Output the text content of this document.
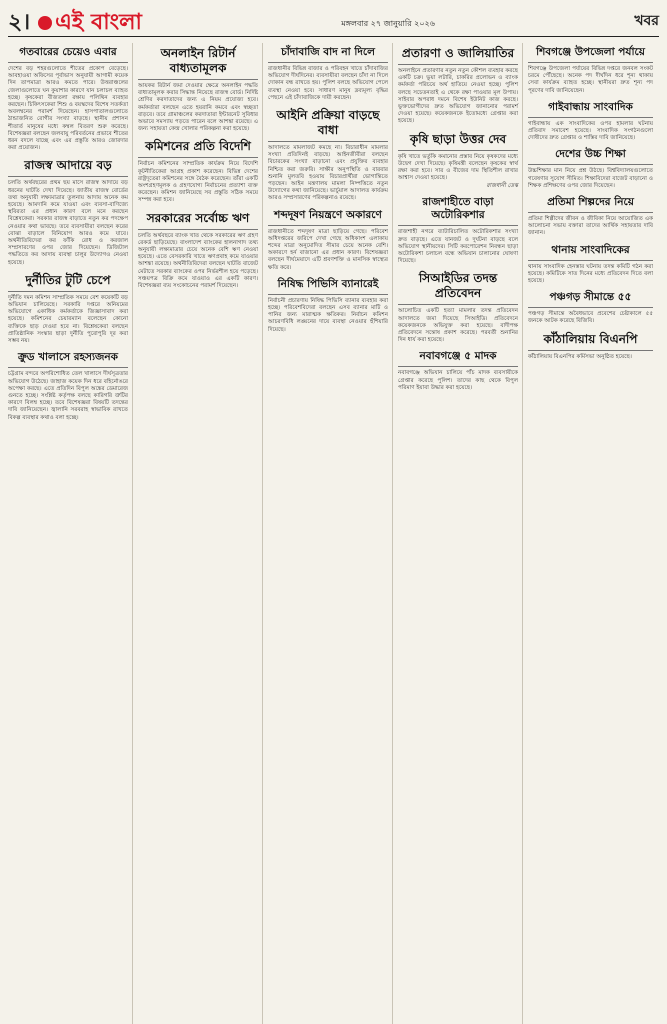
২। এই বাংলা	মঙ্গলবার ২৭ জানুয়ারি ২০২৬	খবর
গতবারের চেয়েও এবার

দেশের বড় শহরগুলোতে শীতের প্রকোপ বেড়েছে। আবহাওয়া অফিসের পূর্বাভাস অনুযায়ী আগামী কয়েক দিন তাপমাত্রা আরও কমতে পারে। উত্তরাঞ্চলের জেলাগুলোতে ঘন কুয়াশার কারণে যান চলাচল ব্যাহত হচ্ছে। কৃষকেরা বীজতলা রক্ষায় পলিথিন ব্যবহার করছেন। চিকিৎসকেরা শিশু ও বয়স্কদের বিশেষ সতর্কতা অবলম্বনের পরামর্শ দিয়েছেন। হাসপাতালগুলোতে ঠান্ডাজনিত রোগীর সংখ্যা বাড়ছে। স্থানীয় প্রশাসন শীতার্ত মানুষের মধ্যে কম্বল বিতরণ শুরু করেছে। বিশেষজ্ঞরা বলছেন জলবায়ু পরিবর্তনের প্রভাবে শীতের ধরন বদলে যাচ্ছে এবং এর প্রস্তুতি আরও জোরদার করা প্রয়োজন।

রাজস্ব আদায়ে বড়

চলতি অর্থবছরের প্রথম ছয় মাসে রাজস্ব আদায়ে বড় ধরনের ঘাটতি দেখা দিয়েছে। জাতীয় রাজস্ব বোর্ডের তথ্য অনুযায়ী লক্ষ্যমাত্রার তুলনায় আদায় অনেক কম হয়েছে। আমদানি কমে যাওয়া এবং ব্যবসা-বাণিজ্যে স্থবিরতা এর প্রধান কারণ বলে মনে করছেন বিশ্লেষকেরা। সরকার রাজস্ব বাড়াতে নতুন কর পদক্ষেপ নেওয়ার কথা ভাবছে। তবে ব্যবসায়ীরা বলছেন করের বোঝা বাড়ালে বিনিয়োগ আরও কমে যাবে। অর্থনীতিবিদেরা কর ফাঁকি রোধ ও করজাল সম্প্রসারণের ওপর জোর দিয়েছেন। ডিজিটাল পদ্ধতিতে কর আদায় ব্যবস্থা চালুর উদ্যোগও নেওয়া হয়েছে।

দুর্নীতির টুটি চেপে

দুর্নীতি দমন কমিশন সাম্প্রতিক সময়ে বেশ কয়েকটি বড় অভিযান চালিয়েছে। সরকারি দপ্তরে অনিয়মের অভিযোগে একাধিক কর্মকর্তাকে জিজ্ঞাসাবাদ করা হয়েছে। কমিশনের চেয়ারম্যান বলেছেন কোনো ব্যক্তিকে ছাড় দেওয়া হবে না। বিশ্লেষকেরা বলছেন প্রাতিষ্ঠানিক সংস্কার ছাড়া দুর্নীতি পুরোপুরি দূর করা সম্ভব নয়।

ক্রুড খালাসে রহস্যজনক

চট্টগ্রাম বন্দরে অপরিশোধিত তেল খালাসে দীর্ঘসূত্রতার অভিযোগ উঠেছে। জাহাজ কয়েক দিন ধরে বহির্নোঙরে অপেক্ষা করছে। এতে প্রতিদিন বিপুল অঙ্কের ডেমারেজ গুনতে হচ্ছে। সংশ্লিষ্ট কর্তৃপক্ষ বলছে কারিগরি ত্রুটির কারণে বিলম্ব হচ্ছে। তবে বিশেষজ্ঞরা বিষয়টি তদন্তের দাবি জানিয়েছেন। জ্বালানি সরবরাহ স্বাভাবিক রাখতে বিকল্প ব্যবস্থার কথাও বলা হচ্ছে।

অনলাইন রিটার্ন বাধ্যতামূলক

আয়কর রিটার্ন জমা দেওয়ার ক্ষেত্রে অনলাইন পদ্ধতি বাধ্যতামূলক করার সিদ্ধান্ত নিয়েছে রাজস্ব বোর্ড। নির্দিষ্ট শ্রেণির করদাতাদের জন্য এ নিয়ম প্রযোজ্য হবে। কর্মকর্তারা বলছেন এতে হয়রানি কমবে এবং স্বচ্ছতা বাড়বে। তবে গ্রামাঞ্চলের করদাতারা ইন্টারনেট সুবিধার অভাবে সমস্যায় পড়তে পারেন বলে আশঙ্কা রয়েছে। এ জন্য সহায়তা কেন্দ্র খোলার পরিকল্পনা করা হয়েছে।

কমিশনের প্রতি বিদেশি

নির্বাচন কমিশনের সাম্প্রতিক কার্যক্রম নিয়ে বিদেশি কূটনীতিকেরা আগ্রহ প্রকাশ করেছেন। বিভিন্ন দেশের রাষ্ট্রদূতেরা কমিশনের সঙ্গে বৈঠক করেছেন। তাঁরা একটি অংশগ্রহণমূলক ও গ্রহণযোগ্য নির্বাচনের প্রত্যাশা ব্যক্ত করেছেন। কমিশন জানিয়েছে সব প্রস্তুতি সঠিক সময়ে সম্পন্ন করা হবে।

সরকারের সর্বোচ্চ ঋণ

চলতি অর্থবছরে ব্যাংক খাত থেকে সরকারের ঋণ গ্রহণ রেকর্ড ছাড়িয়েছে। বাংলাদেশ ব্যাংকের হালনাগাদ তথ্য অনুযায়ী লক্ষ্যমাত্রার চেয়ে অনেক বেশি ঋণ নেওয়া হয়েছে। এতে বেসরকারি খাতে ঋণপ্রবাহ কমে যাওয়ার আশঙ্কা রয়েছে। অর্থনীতিবিদেরা বলছেন ঘাটতি বাজেট মেটাতে সরকার ব্যাংকের ওপর নির্ভরশীল হয়ে পড়েছে। সঞ্চয়পত্র বিক্রি কমে যাওয়াও এর একটি কারণ। বিশেষজ্ঞরা ব্যয় সংকোচনের পরামর্শ দিয়েছেন।

চাঁদাবাজি বাদ না দিলে

রাজধানীর বিভিন্ন বাজার ও পরিবহন খাতে চাঁদাবাজির অভিযোগ দীর্ঘদিনের। ব্যবসায়ীরা বলছেন চাঁদা না দিলে দোকান বন্ধ রাখতে হয়। পুলিশ বলছে অভিযোগ পেলে ব্যবস্থা নেওয়া হবে। সাধারণ মানুষ দ্রব্যমূল্য বৃদ্ধির পেছনে এই চাঁদাবাজিকে দায়ী করছেন।

আইনি প্রক্রিয়া বাড়ছে বাধা

আদালতে মামলাজট কমছে না। বিচারাধীন মামলার সংখ্যা প্রতিদিনই বাড়ছে। আইনজীবীরা বলছেন বিচারকের সংখ্যা বাড়ানো এবং প্রযুক্তির ব্যবহার নিশ্চিত করা জরুরি। সাক্ষীর অনুপস্থিতি ও বারবার শুনানি মুলতবি হওয়ায় বিচারপ্রার্থীরা ভোগান্তিতে পড়ছেন। আইন মন্ত্রণালয় মামলা নিষ্পত্তিতে নতুন উদ্যোগের কথা জানিয়েছে। ভার্চুয়াল আদালত কার্যক্রম আরও সম্প্রসারণের পরিকল্পনাও রয়েছে।

শব্দদূষণ নিয়ন্ত্রণে অকারণে

রাজধানীতে শব্দদূষণ মাত্রা ছাড়িয়ে গেছে। পরিবেশ অধিদপ্তরের জরিপে দেখা গেছে অধিকাংশ এলাকায় শব্দের মাত্রা অনুমোদিত সীমার চেয়ে অনেক বেশি। অকারণে হর্ন বাজানো এর প্রধান কারণ। বিশেষজ্ঞরা বলছেন দীর্ঘমেয়াদে এটি শ্রবণশক্তি ও মানসিক স্বাস্থ্যের ক্ষতি করে।

নিষিদ্ধ পিভিসি ব্যানারেই

নির্বাচনী প্রচারণায় নিষিদ্ধ পিভিসি ব্যানার ব্যবহার করা হচ্ছে। পরিবেশবিদেরা বলছেন এসব ব্যানার মাটি ও পানির জন্য মারাত্মক ক্ষতিকর। নির্বাচন কমিশন আচরণবিধি লঙ্ঘনের দায়ে ব্যবস্থা নেওয়ার হুঁশিয়ারি দিয়েছে।

প্রতারণা ও জালিয়াতির

অনলাইনে প্রতারণার নতুন নতুন কৌশল ব্যবহার করছে একটি চক্র। ভুয়া লটারি, চাকরির প্রলোভন ও ব্যাংক কর্মকর্তা পরিচয়ে অর্থ হাতিয়ে নেওয়া হচ্ছে। পুলিশ বলছে সচেতনতাই এ থেকে রক্ষা পাওয়ার মূল উপায়। সাইবার অপরাধ দমনে বিশেষ ইউনিট কাজ করছে। ভুক্তভোগীদের দ্রুত অভিযোগ জানানোর পরামর্শ দেওয়া হয়েছে। কয়েকজনকে ইতোমধ্যে গ্রেপ্তার করা হয়েছে।

কৃষি ছাড়া উত্তর দেব

কৃষি খাতে ভর্তুকি কমানোর প্রস্তাব নিয়ে কৃষকদের মধ্যে উদ্বেগ দেখা দিয়েছে। কৃষিমন্ত্রী বলেছেন কৃষকের স্বার্থ রক্ষা করা হবে। সার ও বীজের দাম স্থিতিশীল রাখার আশ্বাস দেওয়া হয়েছে।

রাজধানী ডেস্ক

রাজশাহীতে বাড়া অটোরিকশার

রাজশাহী নগরে ব্যাটারিচালিত অটোরিকশার সংখ্যা দ্রুত বাড়ছে। এতে যানজট ও দুর্ঘটনা বাড়ছে বলে অভিযোগ স্থানীয়দের। সিটি করপোরেশন নিবন্ধন ছাড়া অটোরিকশা চলাচল বন্ধে অভিযান চালানোর ঘোষণা দিয়েছে।

সিআইডির তদন্ত প্রতিবেদন

আলোচিত একটি হত্যা মামলার তদন্ত প্রতিবেদন আদালতে জমা দিয়েছে সিআইডি। প্রতিবেদনে কয়েকজনকে অভিযুক্ত করা হয়েছে। বাদীপক্ষ প্রতিবেদনে সন্তোষ প্রকাশ করেছে। পরবর্তী শুনানির দিন ধার্য করা হয়েছে।

নবাবগঞ্জে ৫ মাদক

নবাবগঞ্জে অভিযান চালিয়ে পাঁচ মাদক ব্যবসায়ীকে গ্রেপ্তার করেছে পুলিশ। তাদের কাছ থেকে বিপুল পরিমাণ ইয়াবা উদ্ধার করা হয়েছে।

শিবগঞ্জে উপজেলা পর্যায়ে

শিবগঞ্জে উপজেলা পর্যায়ের বিভিন্ন দপ্তরে জনবল সংকট চরমে পৌঁছেছে। অনেক পদ দীর্ঘদিন ধরে শূন্য থাকায় সেবা কার্যক্রম ব্যাহত হচ্ছে। স্থানীয়রা দ্রুত শূন্য পদ পূরণের দাবি জানিয়েছেন।

গাইবান্ধায় সাংবাদিক

গাইবান্ধায় এক সাংবাদিকের ওপর হামলার ঘটনায় প্রতিবাদ সমাবেশ হয়েছে। সাংবাদিক সংগঠনগুলো দোষীদের দ্রুত গ্রেপ্তার ও শাস্তির দাবি জানিয়েছে।

দেশের উচ্চ শিক্ষা

উচ্চশিক্ষার মান নিয়ে প্রশ্ন উঠছে। বিশ্ববিদ্যালয়গুলোতে গবেষণার সুযোগ সীমিত। শিক্ষাবিদেরা বাজেট বাড়ানো ও শিক্ষক প্রশিক্ষণের ওপর জোর দিয়েছেন।

প্রতিমা শিল্পদের নিয়ে

প্রতিমা শিল্পীদের জীবন ও জীবিকা নিয়ে আয়োজিত এক আলোচনা সভায় বক্তারা তাদের আর্থিক সহায়তার দাবি জানান।

থানায় সাংবাদিকের

থানায় সাংবাদিক হেনস্তার ঘটনায় তদন্ত কমিটি গঠন করা হয়েছে। কমিটিকে সাত দিনের মধ্যে প্রতিবেদন দিতে বলা হয়েছে।

পঞ্চগড় সীমান্তে ৫৫

পঞ্চগড় সীমান্তে অবৈধভাবে প্রবেশের চেষ্টাকালে ৫৫ জনকে আটক করেছে বিজিবি।

কাঁঠালিয়ায় বিএনপি

কাঁঠালিয়ায় বিএনপির কর্মিসভা অনুষ্ঠিত হয়েছে।
